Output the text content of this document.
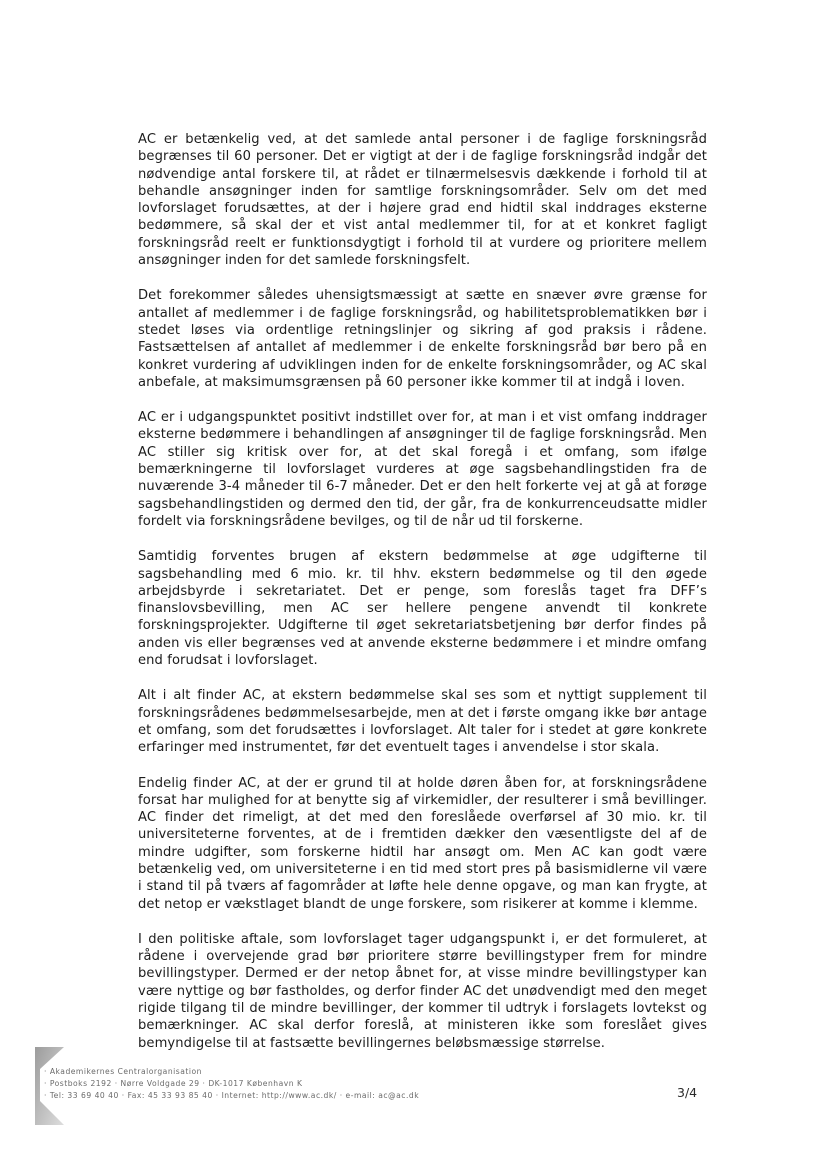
AC er betænkelig ved, at det samlede antal personer i de faglige forskningsråd begrænses til 60 personer. Det er vigtigt at der i de faglige forskningsråd indgår det nødvendige antal forskere til, at rådet er tilnærmelsesvis dækkende i forhold til at behandle ansøgninger inden for samtlige forskningsområder. Selv om det med lovforslaget forudsættes, at der i højere grad end hidtil skal inddrages eksterne bedømmere, så skal der et vist antal medlemmer til, for at et konkret fagligt forskningsråd reelt er funktionsdygtigt i forhold til at vurdere og prioritere mellem ansøgninger inden for det samlede forskningsfelt.

Det forekommer således uhensigtsmæssigt at sætte en snæver øvre grænse for antallet af medlemmer i de faglige forskningsråd, og habilitetsproblematikken bør i stedet løses via ordentlige retningslinjer og sikring af god praksis i rådene. Fastsættelsen af antallet af medlemmer i de enkelte forskningsråd bør bero på en konkret vurdering af udviklingen inden for de enkelte forskningsområder, og AC skal anbefale, at maksimumsgrænsen på 60 personer ikke kommer til at indgå i loven.

AC er i udgangspunktet positivt indstillet over for, at man i et vist omfang inddrager eksterne bedømmere i behandlingen af ansøgninger til de faglige forskningsråd. Men AC stiller sig kritisk over for, at det skal foregå i et omfang, som ifølge bemærkningerne til lovforslaget vurderes at øge sagsbehandlingstiden fra de nuværende 3-4 måneder til 6-7 måneder. Det er den helt forkerte vej at gå at forøge sagsbehandlingstiden og dermed den tid, der går, fra de konkurrenceudsatte midler fordelt via forskningsrådene bevilges, og til de når ud til forskerne.

Samtidig forventes brugen af ekstern bedømmelse at øge udgifterne til sagsbehandling med 6 mio. kr. til hhv. ekstern bedømmelse og til den øgede arbejdsbyrde i sekretariatet. Det er penge, som foreslås taget fra DFF’s finanslovsbevilling, men AC ser hellere pengene anvendt til konkrete forskningsprojekter. Udgifterne til øget sekretariatsbetjening bør derfor findes på anden vis eller begrænses ved at anvende eksterne bedømmere i et mindre omfang end forudsat i lovforslaget.

Alt i alt finder AC, at ekstern bedømmelse skal ses som et nyttigt supplement til forskningsrådenes bedømmelsesarbejde, men at det i første omgang ikke bør antage et omfang, som det forudsættes i lovforslaget. Alt taler for i stedet at gøre konkrete erfaringer med instrumentet, før det eventuelt tages i anvendelse i stor skala.

Endelig finder AC, at der er grund til at holde døren åben for, at forskningsrådene forsat har mulighed for at benytte sig af virkemidler, der resulterer i små bevillinger. AC finder det rimeligt, at det med den foreslåede overførsel af 30 mio. kr. til universiteterne forventes, at de i fremtiden dækker den væsentligste del af de mindre udgifter, som forskerne hidtil har ansøgt om. Men AC kan godt være betænkelig ved, om universiteterne i en tid med stort pres på basismidlerne vil være i stand til på tværs af fagområder at løfte hele denne opgave, og man kan frygte, at det netop er vækstlaget blandt de unge forskere, som risikerer at komme i klemme.

I den politiske aftale, som lovforslaget tager udgangspunkt i, er det formuleret, at rådene i overvejende grad bør prioritere større bevillingstyper frem for mindre bevillingstyper. Dermed er der netop åbnet for, at visse mindre bevillingstyper kan være nyttige og bør fastholdes, og derfor finder AC det unødvendigt med den meget rigide tilgang til de mindre bevillinger, der kommer til udtryk i forslagets lovtekst og bemærkninger. AC skal derfor foreslå, at ministeren ikke som foreslået gives bemyndigelse til at fastsætte bevillingernes beløbsmæssige størrelse.

· Akademikernes Centralorganisation
· Postboks 2192 · Nørre Voldgade 29 · DK-1017 København K
· Tel: 33 69 40 40 · Fax: 45 33 93 85 40 · Internet: http://www.ac.dk/ · e-mail: ac@ac.dk	3/4
